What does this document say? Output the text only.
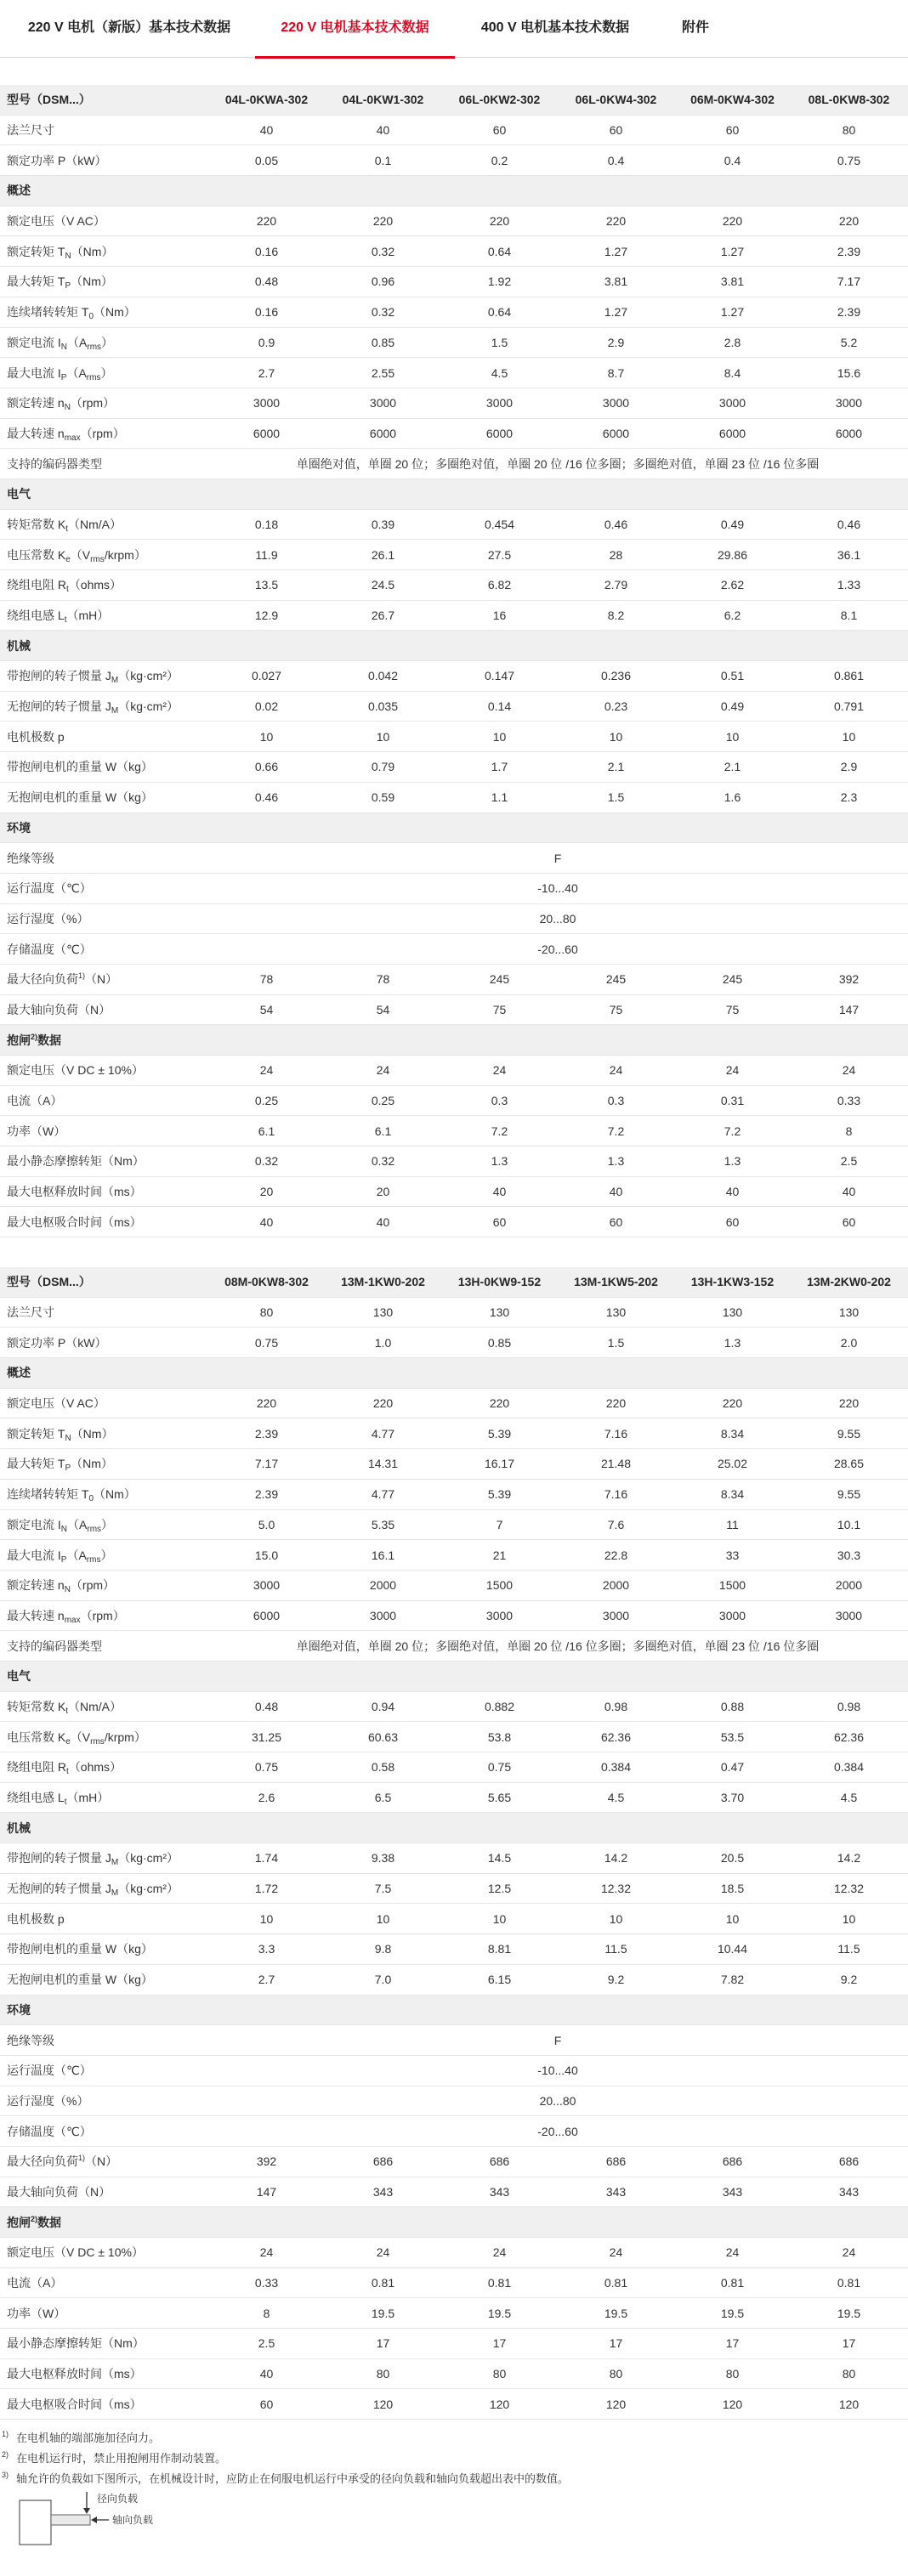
220 V 电机（新版）基本技术数据	220 V 电机基本技术数据	400 V 电机基本技术数据	附件
型号（DSM...）	04L-0KWA-302	04L-0KW1-302	06L-0KW2-302	06L-0KW4-302	06M-0KW4-302	08L-0KW8-302
法兰尺寸	40	40	60	60	60	80
额定功率 P（kW）	0.05	0.1	0.2	0.4	0.4	0.75
概述
额定电压（V AC）	220	220	220	220	220	220
额定转矩 $T_N(Nm)$	0.16	0.32	0.64	1.27	1.27	2.39
最大转矩 $T_P(Nm)$	0.48	0.96	1.92	3.81	3.81	7.17
连续堵转转矩 $T_0(Nm)$	0.16	0.32	0.64	1.27	1.27	2.39
额定电流 $I_N(A_{rms})$	0.9	0.85	1.5	2.9	2.8	5.2
最大电流 $I_P(A_{rms})$	2.7	2.55	4.5	8.7	8.4	15.6
额定转速 $n_N(rpm)$	3000	3000	3000	3000	3000	3000
最大转速 $n_{max}(rpm)$	6000	6000	6000	6000	6000	6000
支持的编码器类型	单圈绝对值，单圈 20 位；多圈绝对值，单圈 20 位 /16 位多圈；多圈绝对值，单圈 23 位 /16 位多圈
电气
转矩常数 $K_t(Nm/A)$	0.18	0.39	0.454	0.46	0.49	0.46
电压常数 $K_e(V_{rms}/krpm)$	11.9	26.1	27.5	28	29.86	36.1
绕组电阻 $R_t(ohms)$	13.5	24.5	6.82	2.79	2.62	1.33
绕组电感 $L_t(mH)$	12.9	26.7	16	8.2	6.2	8.1
机械
带抱闸的转子惯量 $J_M(kg\cdot cm^2)$	0.027	0.042	0.147	0.236	0.51	0.861
无抱闸的转子惯量 $J_M(kg\cdot cm^2)$	0.02	0.035	0.14	0.23	0.49	0.791
电机极数 p	10	10	10	10	10	10
带抱闸电机的重量 W（kg）	0.66	0.79	1.7	2.1	2.1	2.9
无抱闸电机的重量 W（kg）	0.46	0.59	1.1	1.5	1.6	2.3
环境
绝缘等级	F
运行温度（℃）	-10...40
运行湿度（%）	20...80
存储温度（℃）	-20...60
最大径向负荷$^{1)}$（N）	78	78	245	245	245	392
最大轴向负荷（N）	54	54	75	75	75	147
抱闸$^{2)}$数据
额定电压（V DC ± 10%）	24	24	24	24	24	24
电流（A）	0.25	0.25	0.3	0.3	0.31	0.33
功率（W）	6.1	6.1	7.2	7.2	7.2	8
最小静态摩擦转矩（Nm）	0.32	0.32	1.3	1.3	1.3	2.5
最大电枢释放时间（ms）	20	20	40	40	40	40
最大电枢吸合时间（ms）	40	40	60	60	60	60
型号（DSM...）	08M-0KW8-302	13M-1KW0-202	13H-0KW9-152	13M-1KW5-202	13H-1KW3-152	13M-2KW0-202
法兰尺寸	80	130	130	130	130	130
额定功率 P（kW）	0.75	1.0	0.85	1.5	1.3	2.0
概述
额定电压（V AC）	220	220	220	220	220	220
额定转矩 $T_N(Nm)$	2.39	4.77	5.39	7.16	8.34	9.55
最大转矩 $T_P(Nm)$	7.17	14.31	16.17	21.48	25.02	28.65
连续堵转转矩 $T_0(Nm)$	2.39	4.77	5.39	7.16	8.34	9.55
额定电流 $I_N(A_{rms})$	5.0	5.35	7	7.6	11	10.1
最大电流 $I_P(A_{rms})$	15.0	16.1	21	22.8	33	30.3
额定转速 $n_N(rpm)$	3000	2000	1500	2000	1500	2000
最大转速 $n_{max}(rpm)$	6000	3000	3000	3000	3000	3000
支持的编码器类型	单圈绝对值，单圈 20 位；多圈绝对值，单圈 20 位 /16 位多圈；多圈绝对值，单圈 23 位 /16 位多圈
电气
转矩常数 $K_t(Nm/A)$	0.48	0.94	0.882	0.98	0.88	0.98
电压常数 $K_e(V_{rms}/krpm)$	31.25	60.63	53.8	62.36	53.5	62.36
绕组电阻 $R_t(ohms)$	0.75	0.58	0.75	0.384	0.47	0.384
绕组电感 $L_t(mH)$	2.6	6.5	5.65	4.5	3.70	4.5
机械
带抱闸的转子惯量 $J_M(kg\cdot cm^2)$	1.74	9.38	14.5	14.2	20.5	14.2
无抱闸的转子惯量 $J_M(kg\cdot cm^2)$	1.72	7.5	12.5	12.32	18.5	12.32
电机极数 p	10	10	10	10	10	10
带抱闸电机的重量 W（kg）	3.3	9.8	8.81	11.5	10.44	11.5
无抱闸电机的重量 W（kg）	2.7	7.0	6.15	9.2	7.82	9.2
环境
绝缘等级	F
运行温度（℃）	-10...40
运行湿度（%）	20...80
存储温度（℃）	-20...60
最大径向负荷$^{1)}$（N）	392	686	686	686	686	686
最大轴向负荷（N）	147	343	343	343	343	343
抱闸$^{2)}$数据
额定电压（V DC ± 10%）	24	24	24	24	24	24
电流（A）	0.33	0.81	0.81	0.81	0.81	0.81
功率（W）	8	19.5	19.5	19.5	19.5	19.5
最小静态摩擦转矩（Nm）	2.5	17	17	17	17	17
最大电枢释放时间（ms）	40	80	80	80	80	80
最大电枢吸合时间（ms）	60	120	120	120	120	120
1) 在电机轴的端部施加径向力。
2) 在电机运行时，禁止用抱闸用作制动装置。
3) 轴允许的负载如下图所示，在机械设计时，应防止在伺服电机运行中承受的径向负载和轴向负载超出表中的数值。
径向负载
轴向负载
